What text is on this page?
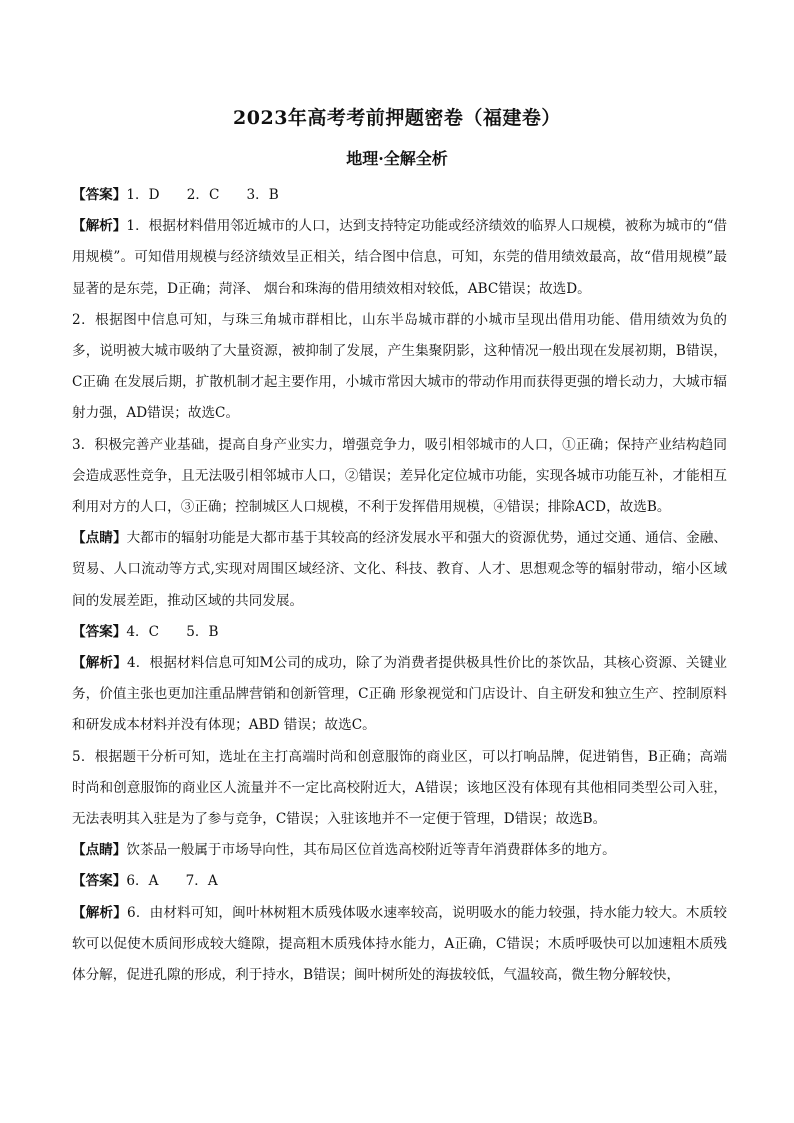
2023年高考考前押题密卷（福建卷）
地理·全解全析

【答案】1．D　　2．C　　3．B

【解析】1．根据材料借用邻近城市的人口，达到支持特定功能或经济绩效的临界人口规模，被称为城市的“借用规模”。可知借用规模与经济绩效呈正相关，结合图中信息，可知，东莞的借用绩效最高，故“借用规模”最显著的是东莞，D正确；菏泽、 烟台和珠海的借用绩效相对较低，ABC错误；故选D。

2．根据图中信息可知，与珠三角城市群相比，山东半岛城市群的小城市呈现出借用功能、借用绩效为负的多，说明被大城市吸纳了大量资源，被抑制了发展，产生集聚阴影，这种情况一般出现在发展初期，B错误，C正确 在发展后期，扩散机制才起主要作用，小城市常因大城市的带动作用而获得更强的增长动力，大城市辐射力强，AD错误；故选C。

3．积极完善产业基础，提高自身产业实力，增强竞争力，吸引相邻城市的人口，①正确；保持产业结构趋同会造成恶性竞争，且无法吸引相邻城市人口，②错误；差异化定位城市功能，实现各城市功能互补，才能相互利用对方的人口，③正确；控制城区人口规模，不利于发挥借用规模，④错误；排除ACD，故选B。

【点睛】大都市的辐射功能是大都市基于其较高的经济发展水平和强大的资源优势，通过交通、通信、金融、贸易、人口流动等方式,实现对周围区域经济、文化、科技、教育、人才、思想观念等的辐射带动，缩小区域间的发展差距，推动区域的共同发展。

【答案】4．C　　5．B

【解析】4．根据材料信息可知M公司的成功，除了为消费者提供极具性价比的茶饮品，其核心资源、关键业务，价值主张也更加注重品牌营销和创新管理，C正确 形象视觉和门店设计、自主研发和独立生产、控制原料和研发成本材料并没有体现；ABD 错误；故选C。

5．根据题干分析可知，选址在主打高端时尚和创意服饰的商业区，可以打响品牌，促进销售，B正确；高端时尚和创意服饰的商业区人流量并不一定比高校附近大，A错误；该地区没有体现有其他相同类型公司入驻，无法表明其入驻是为了参与竞争，C错误；入驻该地并不一定便于管理，D错误；故选B。

【点睛】饮茶品一般属于市场导向性，其布局区位首选高校附近等青年消费群体多的地方。

【答案】6．A　　7．A

【解析】6．由材料可知，闽叶林树粗木质残体吸水速率较高，说明吸水的能力较强，持水能力较大。木质较软可以促使木质间形成较大缝隙，提高粗木质残体持水能力，A正确，C错误；木质呼吸快可以加速粗木质残体分解，促进孔隙的形成，利于持水，B错误；闽叶树所处的海拔较低，气温较高，微生物分解较快，
